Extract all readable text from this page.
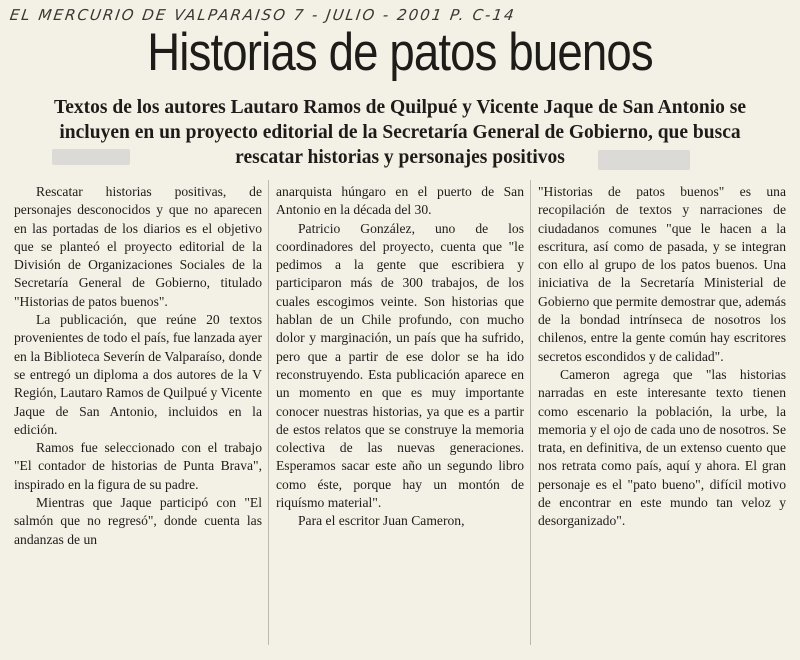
EL MERCURIO DE VALPARAISO 7 - JULIO - 2001 P. C-14
Historias de patos buenos

Textos de los autores Lautaro Ramos de Quilpué y Vicente Jaque de San Antonio se incluyen en un proyecto editorial de la Secretaría General de Gobierno, que busca rescatar historias y personajes positivos

Rescatar historias positivas, de personajes desconocidos y que no aparecen en las portadas de los diarios es el objetivo que se planteó el proyecto editorial de la División de Organizaciones Sociales de la Secretaría General de Gobierno, titulado "Historias de patos buenos".

La publicación, que reúne 20 textos provenientes de todo el país, fue lanzada ayer en la Biblioteca Severín de Valparaíso, donde se entregó un diploma a dos autores de la V Región, Lautaro Ramos de Quilpué y Vicente Jaque de San Antonio, incluidos en la edición.

Ramos fue seleccionado con el trabajo "El contador de historias de Punta Brava", inspirado en la figura de su padre.

Mientras que Jaque participó con "El salmón que no regresó", donde cuenta las andanzas de un

anarquista húngaro en el puerto de San Antonio en la década del 30.

Patricio González, uno de los coordinadores del proyecto, cuenta que "le pedimos a la gente que escribiera y participaron más de 300 trabajos, de los cuales escogimos veinte. Son historias que hablan de un Chile profundo, con mucho dolor y marginación, un país que ha sufrido, pero que a partir de ese dolor se ha ido reconstruyendo. Esta publicación aparece en un momento en que es muy importante conocer nuestras historias, ya que es a partir de estos relatos que se construye la memoria colectiva de las nuevas generaciones. Esperamos sacar este año un segundo libro como éste, porque hay un montón de riquísmo material".

Para el escritor Juan Cameron,

"Historias de patos buenos" es una recopilación de textos y narraciones de ciudadanos comunes "que le hacen a la escritura, así como de pasada, y se integran con ello al grupo de los patos buenos. Una iniciativa de la Secretaría Ministerial de Gobierno que permite demostrar que, además de la bondad intrínseca de nosotros los chilenos, entre la gente común hay escritores secretos escondidos y de calidad".

Cameron agrega que "las historias narradas en este interesante texto tienen como escenario la población, la urbe, la memoria y el ojo de cada uno de nosotros. Se trata, en definitiva, de un extenso cuento que nos retrata como país, aquí y ahora. El gran personaje es el "pato bueno", difícil motivo de encontrar en este mundo tan veloz y desorganizado".
